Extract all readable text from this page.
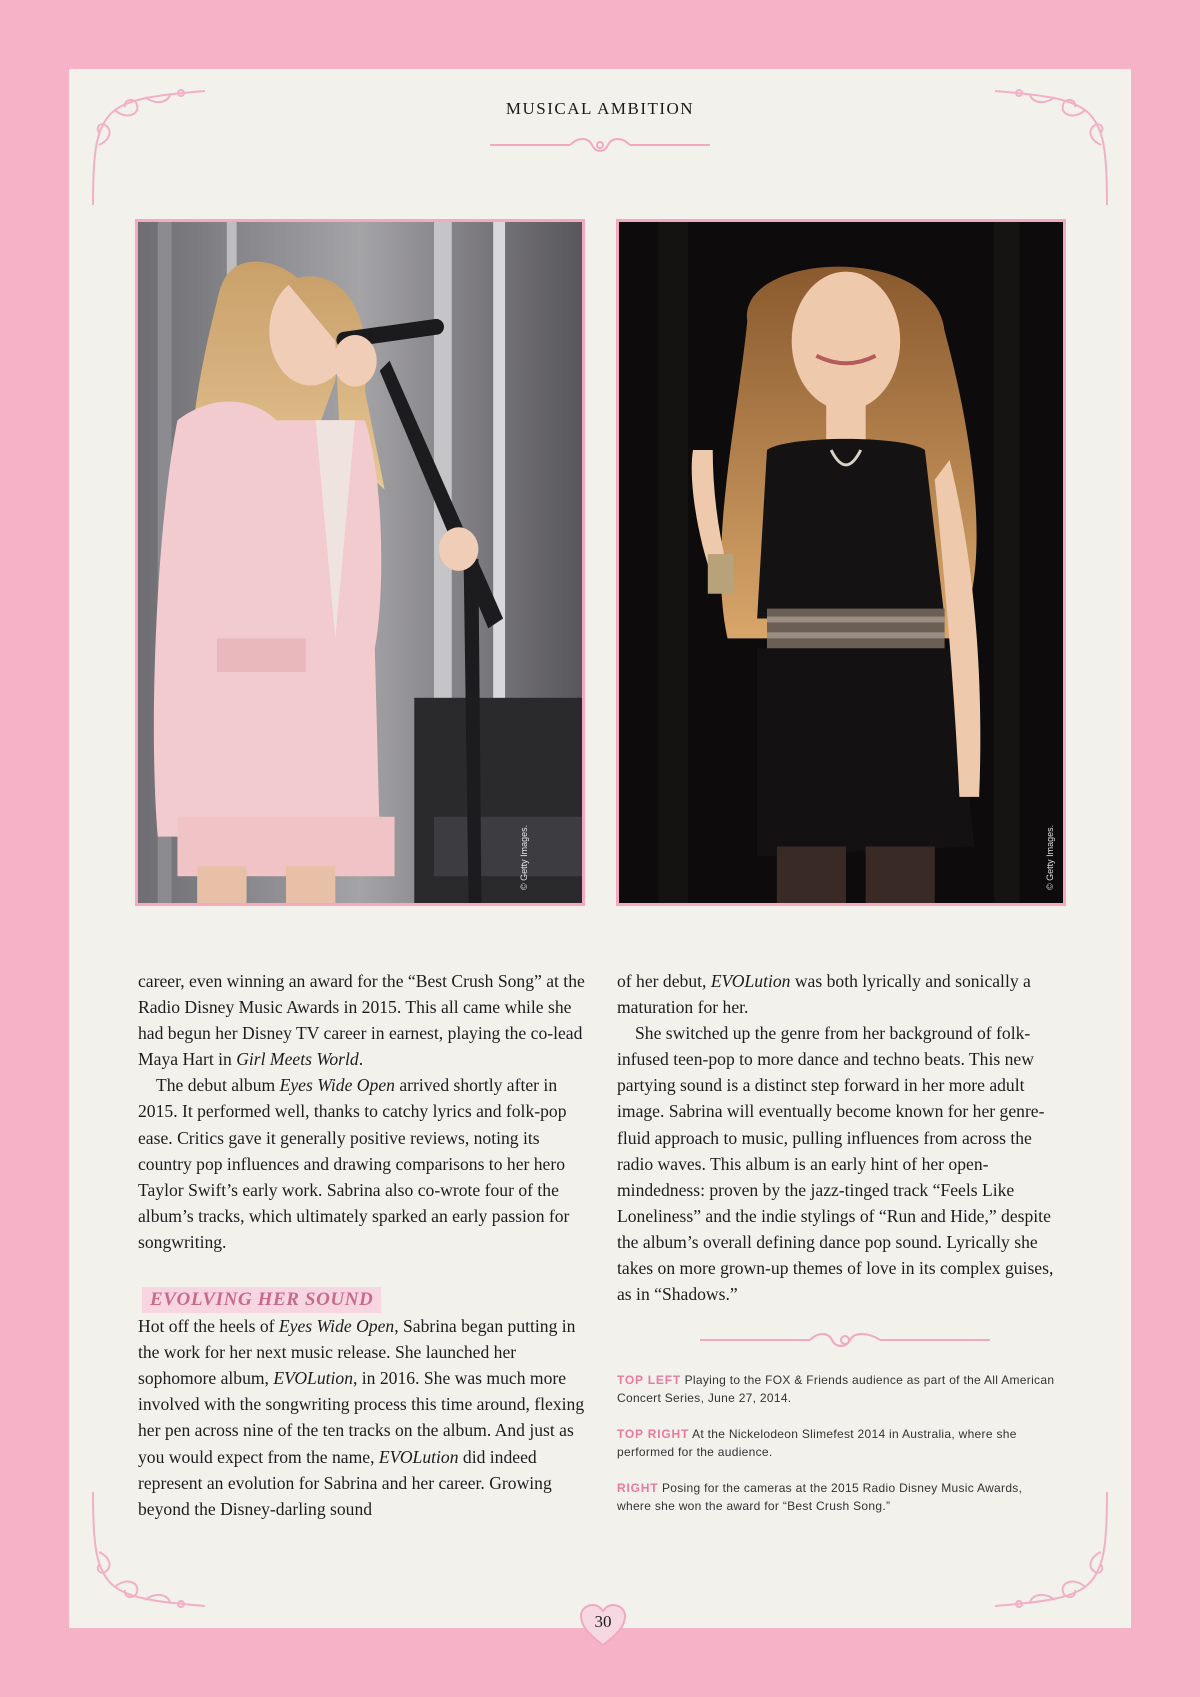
MUSICAL AMBITION
© Getty Images.	© Getty Images.

career, even winning an award for the “Best Crush Song” at the Radio Disney Music Awards in 2015. This all came while she had begun her Disney TV career in earnest, playing the co-lead Maya Hart in Girl Meets World.

The debut album Eyes Wide Open arrived shortly after in 2015. It performed well, thanks to catchy lyrics and folk-pop ease. Critics gave it generally positive reviews, noting its country pop influences and drawing comparisons to her hero Taylor Swift’s early work. Sabrina also co-wrote four of the album’s tracks, which ultimately sparked an early passion for songwriting.

EVOLVING HER SOUND

Hot off the heels of Eyes Wide Open, Sabrina began putting in the work for her next music release. She launched her sophomore album, EVOLution, in 2016. She was much more involved with the songwriting process this time around, flexing her pen across nine of the ten tracks on the album. And just as you would expect from the name, EVOLution did indeed represent an evolution for Sabrina and her career. Growing beyond the Disney-darling sound

of her debut, EVOLution was both lyrically and sonically a maturation for her.

She switched up the genre from her background of folk-infused teen-pop to more dance and techno beats. This new partying sound is a distinct step forward in her more adult image. Sabrina will eventually become known for her genre-fluid approach to music, pulling influences from across the radio waves. This album is an early hint of her open-mindedness: proven by the jazz-tinged track “Feels Like Loneliness” and the indie stylings of “Run and Hide,” despite the album’s overall defining dance pop sound. Lyrically she takes on more grown-up themes of love in its complex guises, as in “Shadows.”

TOP LEFT Playing to the FOX & Friends audience as part of the All American Concert Series, June 27, 2014.
TOP RIGHT At the Nickelodeon Slimefest 2014 in Australia, where she performed for the audience.
RIGHT Posing for the cameras at the 2015 Radio Disney Music Awards, where she won the award for “Best Crush Song.”
30
